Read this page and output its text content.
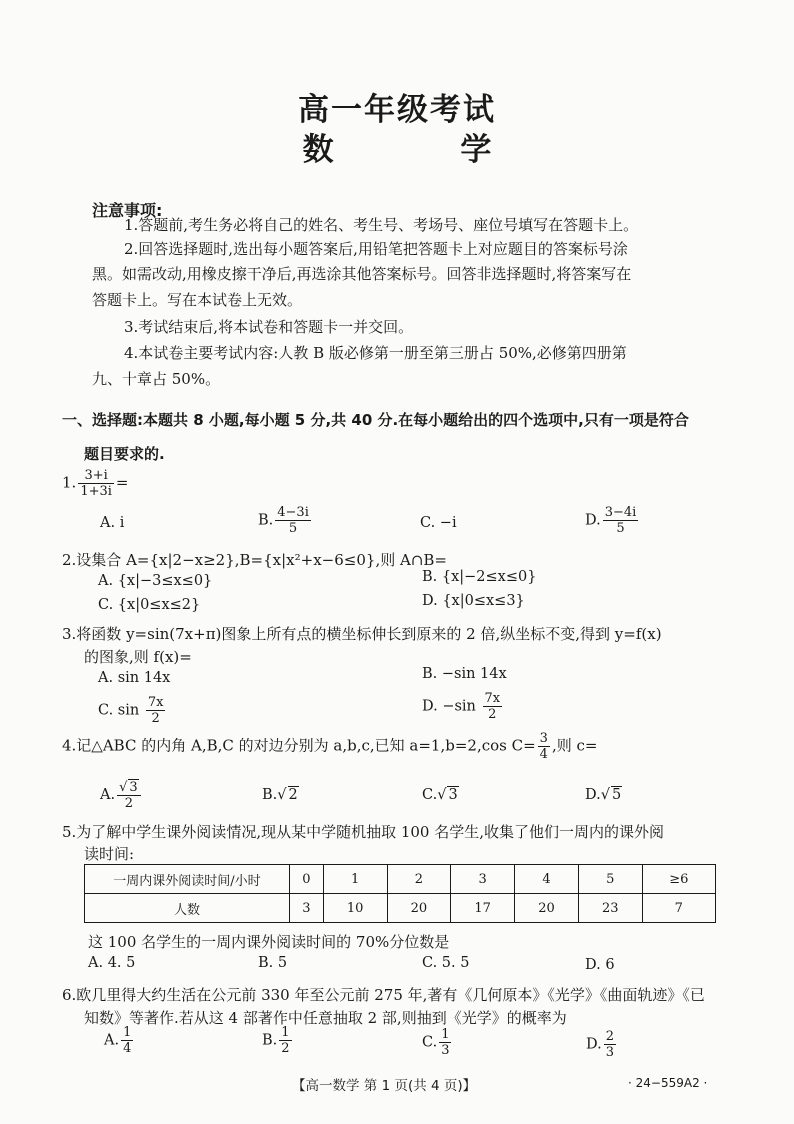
高一年级考试
数 学
注意事项:
1.答题前,考生务必将自己的姓名、考生号、考场号、座位号填写在答题卡上。
2.回答选择题时,选出每小题答案后,用铅笔把答题卡上对应题目的答案标号涂
黑。如需改动,用橡皮擦干净后,再选涂其他答案标号。回答非选择题时,将答案写在
答题卡上。写在本试卷上无效。
3.考试结束后,将本试卷和答题卡一并交回。
4.本试卷主要考试内容:人教 B 版必修第一册至第三册占 50%,必修第四册第
九、十章占 50%。
一、选择题:本题共 8 小题,每小题 5 分,共 40 分.在每小题给出的四个选项中,只有一项是符合
题目要求的.
1. $\frac{3+i}{1+3i}$ =
A. i	B. $\frac{4-3i}{5}$	C. −i	D. $\frac{3-4i}{5}$
2.设集合 A={x|2−x≥2},B={x|x²+x−6≤0},则 A∩B=
A. {x|−3≤x≤0}	B. {x|−2≤x≤0}
C. {x|0≤x≤2}	D. {x|0≤x≤3}
3.将函数 y=sin(7x+π)图象上所有点的横坐标伸长到原来的 2 倍,纵坐标不变,得到 y=f(x)
的图象,则 f(x)=
A. sin 14x	B. −sin 14x
C. $\sin \frac{7x}{2}$	D. $-\sin \frac{7x}{2}$
4.记△ABC 的内角 A,B,C 的对边分别为 a,b,c,已知 a=1,b=2,cos $C= \frac{3}{4}$ ,则 c=
A. $\frac{√ 3}{2}$	B.√ 2	C.√ 3	D.√ 5
5.为了解中学生课外阅读情况,现从某中学随机抽取 100 名学生,收集了他们一周内的课外阅
读时间:
一周内课外阅读时间/小时	0	1	2	3	4	5	≥6
人数	3	10	20	17	20	23	7
这 100 名学生的一周内课外阅读时间的 70%分位数是
A. 4. 5	B. 5	C. 5. 5	D. 6
6.欧几里得大约生活在公元前 330 年至公元前 275 年,著有《几何原本》《光学》《曲面轨迹》《已
知数》等著作.若从这 4 部著作中任意抽取 2 部,则抽到《光学》的概率为
A. $\frac{1}{4}$	B. $\frac{1}{2}$	C. $\frac{1}{3}$	D. $\frac{2}{3}$
【高一数学 第 1 页(共 4 页)】	· 24−559A2 ·
